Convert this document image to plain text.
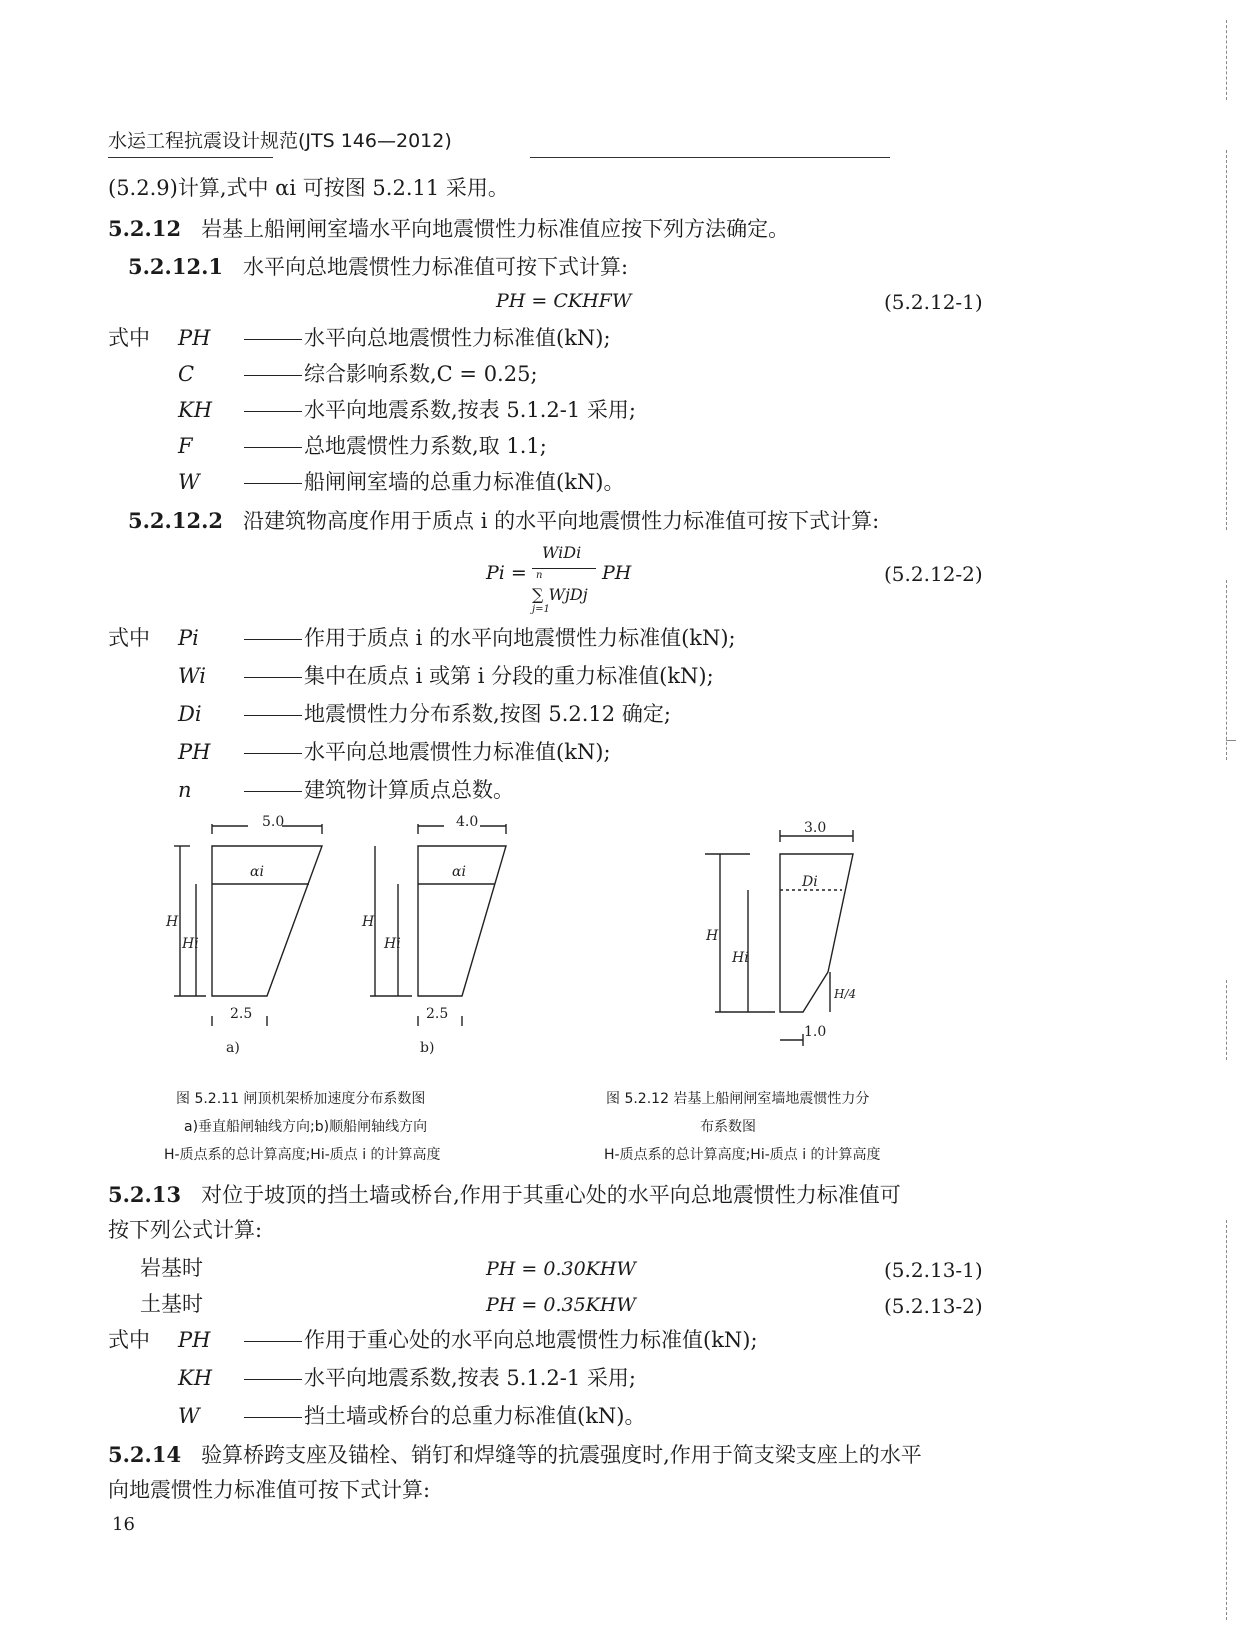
水运工程抗震设计规范(JTS 146—2012)
(5.2.9)计算,式中 αi 可按图 5.2.11 采用。
5.2.12 岩基上船闸闸室墙水平向地震惯性力标准值应按下列方法确定。
5.2.12.1 水平向总地震惯性力标准值可按下式计算:
PH = CKHFW	(5.2.12-1)
式中 PH	水平向总地震惯性力标准值(kN);
C	综合影响系数,C = 0.25;
KH	水平向地震系数,按表 5.1.2-1 采用;
F	总地震惯性力系数,取 1.1;
W	船闸闸室墙的总重力标准值(kN)。
5.2.12.2 沿建筑物高度作用于质点 i 的水平向地震惯性力标准值可按下式计算:
Pi =
WiDi
∑ WjDj
n
j=1
PH	(5.2.12-2)
式中 Pi	作用于质点 i 的水平向地震惯性力标准值(kN);
Wi	集中在质点 i 或第 i 分段的重力标准值(kN);
Di	地震惯性力分布系数,按图 5.2.12 确定;
PH	水平向总地震惯性力标准值(kN);
n	建筑物计算质点总数。
5.0
2.5
αi
H
Hi
a)
4.0
2.5
αi
H
Hi
b)
3.0
1.0
Di
H
Hi
H/4
图 5.2.11 闸顶机架桥加速度分布系数图
a)垂直船闸轴线方向;b)顺船闸轴线方向
H-质点系的总计算高度;Hi-质点 i 的计算高度
图 5.2.12 岩基上船闸闸室墙地震惯性力分
布系数图
H-质点系的总计算高度;Hi-质点 i 的计算高度
5.2.13 对位于坡顶的挡土墙或桥台,作用于其重心处的水平向总地震惯性力标准值可
按下列公式计算:
岩基时	PH = 0.30KHW	(5.2.13-1)
土基时	PH = 0.35KHW	(5.2.13-2)
式中 PH	作用于重心处的水平向总地震惯性力标准值(kN);
KH	水平向地震系数,按表 5.1.2-1 采用;
W	挡土墙或桥台的总重力标准值(kN)。
5.2.14 验算桥跨支座及锚栓、销钉和焊缝等的抗震强度时,作用于简支梁支座上的水平
向地震惯性力标准值可按下式计算:
16
